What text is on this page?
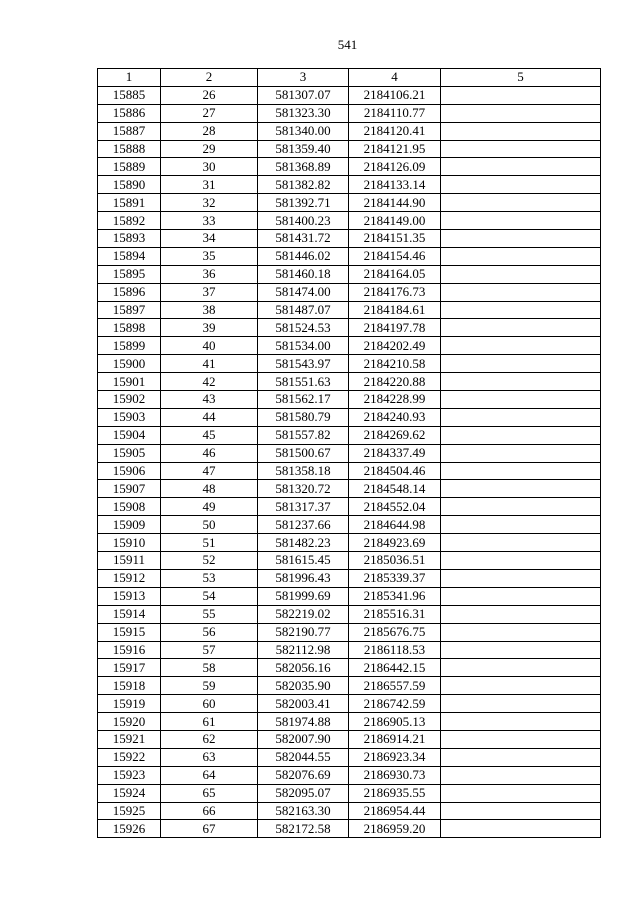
541
1	2	3	4	5
15885	26	581307.07	2184106.21	
15886	27	581323.30	2184110.77	
15887	28	581340.00	2184120.41	
15888	29	581359.40	2184121.95	
15889	30	581368.89	2184126.09	
15890	31	581382.82	2184133.14	
15891	32	581392.71	2184144.90	
15892	33	581400.23	2184149.00	
15893	34	581431.72	2184151.35	
15894	35	581446.02	2184154.46	
15895	36	581460.18	2184164.05	
15896	37	581474.00	2184176.73	
15897	38	581487.07	2184184.61	
15898	39	581524.53	2184197.78	
15899	40	581534.00	2184202.49	
15900	41	581543.97	2184210.58	
15901	42	581551.63	2184220.88	
15902	43	581562.17	2184228.99	
15903	44	581580.79	2184240.93	
15904	45	581557.82	2184269.62	
15905	46	581500.67	2184337.49	
15906	47	581358.18	2184504.46	
15907	48	581320.72	2184548.14	
15908	49	581317.37	2184552.04	
15909	50	581237.66	2184644.98	
15910	51	581482.23	2184923.69	
15911	52	581615.45	2185036.51	
15912	53	581996.43	2185339.37	
15913	54	581999.69	2185341.96	
15914	55	582219.02	2185516.31	
15915	56	582190.77	2185676.75	
15916	57	582112.98	2186118.53	
15917	58	582056.16	2186442.15	
15918	59	582035.90	2186557.59	
15919	60	582003.41	2186742.59	
15920	61	581974.88	2186905.13	
15921	62	582007.90	2186914.21	
15922	63	582044.55	2186923.34	
15923	64	582076.69	2186930.73	
15924	65	582095.07	2186935.55	
15925	66	582163.30	2186954.44	
15926	67	582172.58	2186959.20	
